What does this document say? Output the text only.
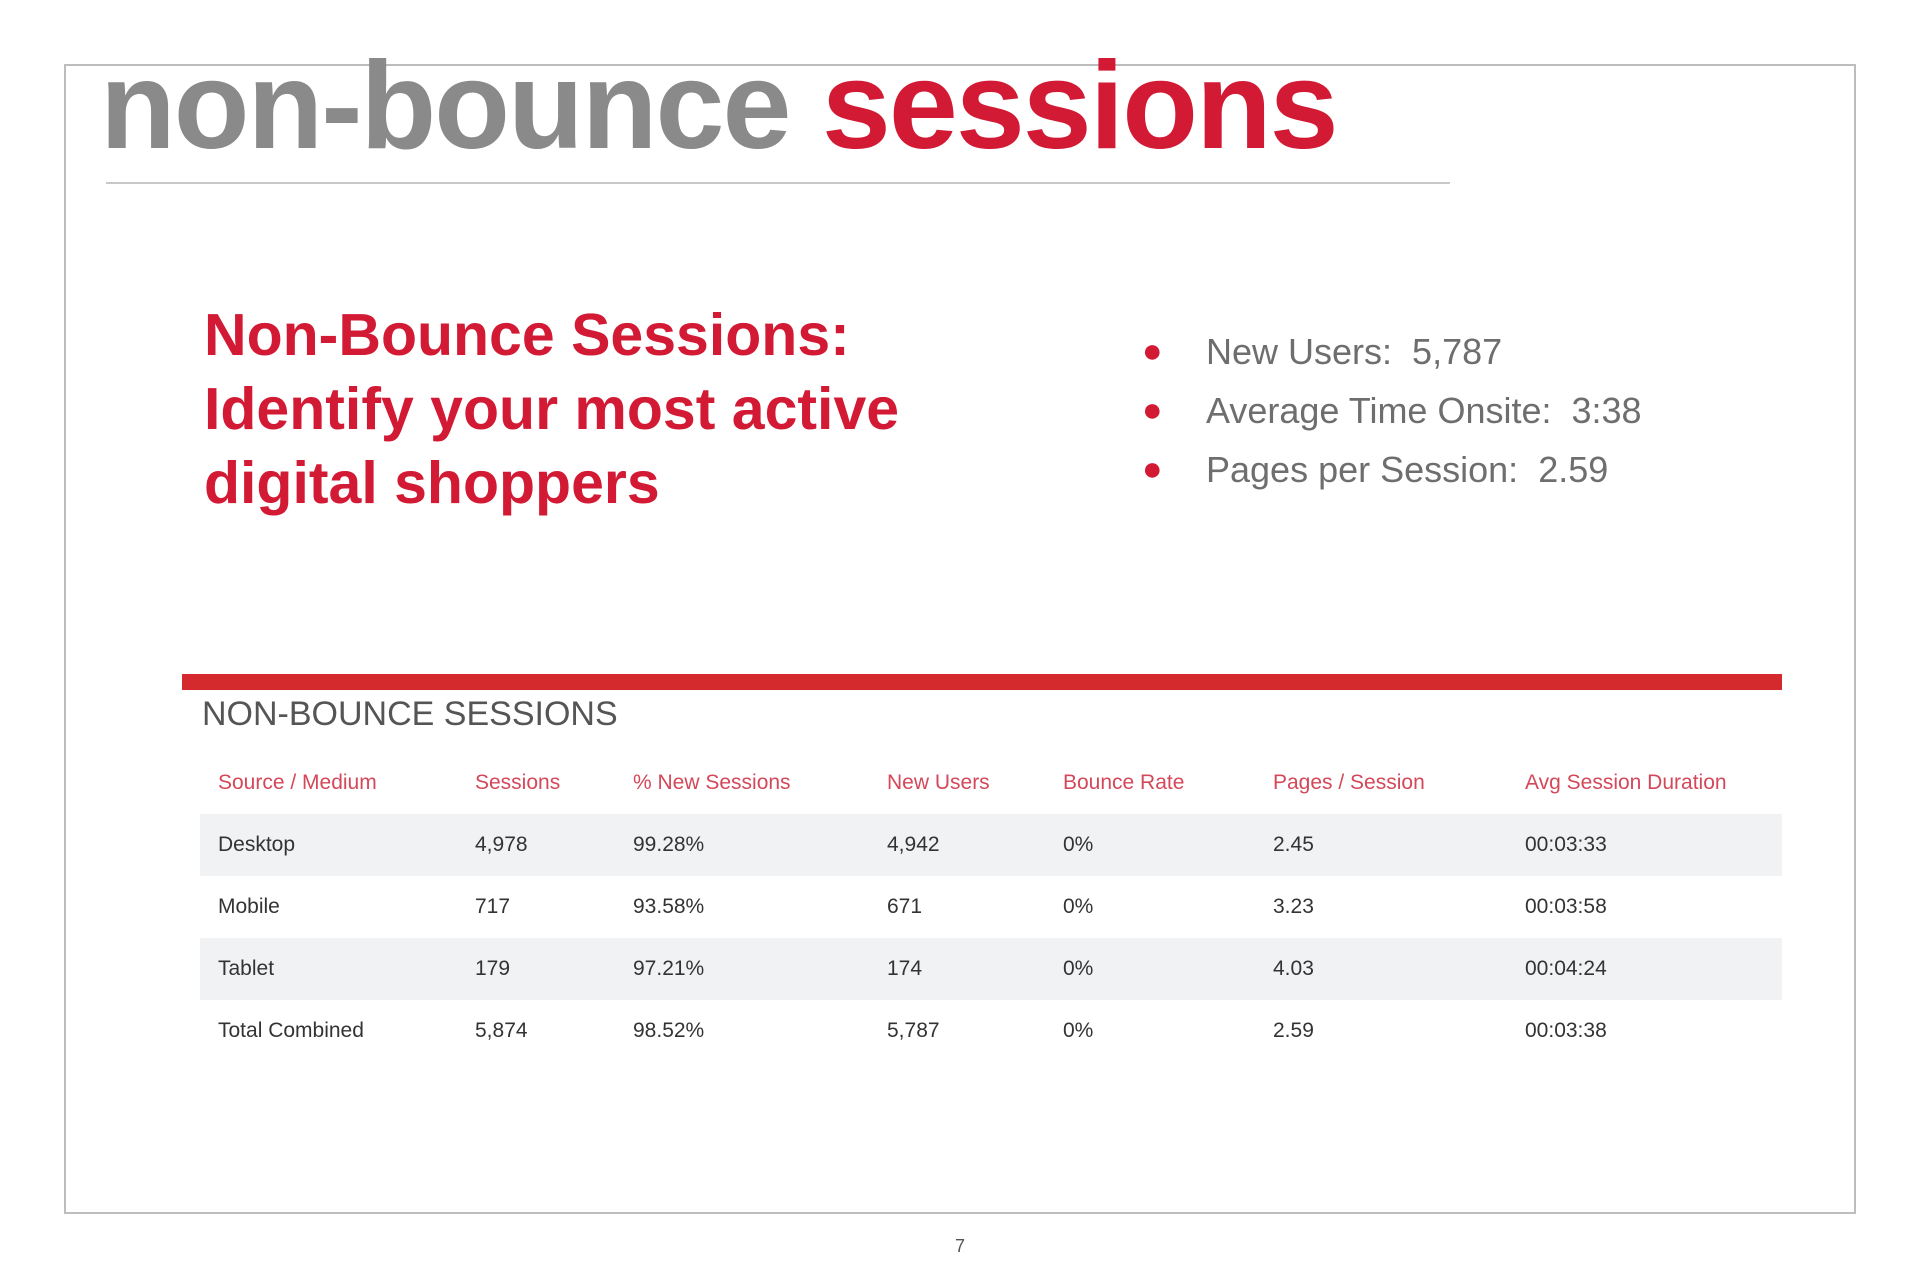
non-bounce sessions
Non-Bounce Sessions:
Identify your most active
digital shoppers
● New Users: 5,787
● Average Time Onsite: 3:38
● Pages per Session: 2.59
NON-BOUNCE SESSIONS
Source / Medium	Sessions	% New Sessions	New Users	Bounce Rate	Pages / Session	Avg Session Duration
Desktop	4,978	99.28%	4,942	0%	2.45	00:03:33
Mobile	717	93.58%	671	0%	3.23	00:03:58
Tablet	179	97.21%	174	0%	4.03	00:04:24
Total Combined	5,874	98.52%	5,787	0%	2.59	00:03:38
7
